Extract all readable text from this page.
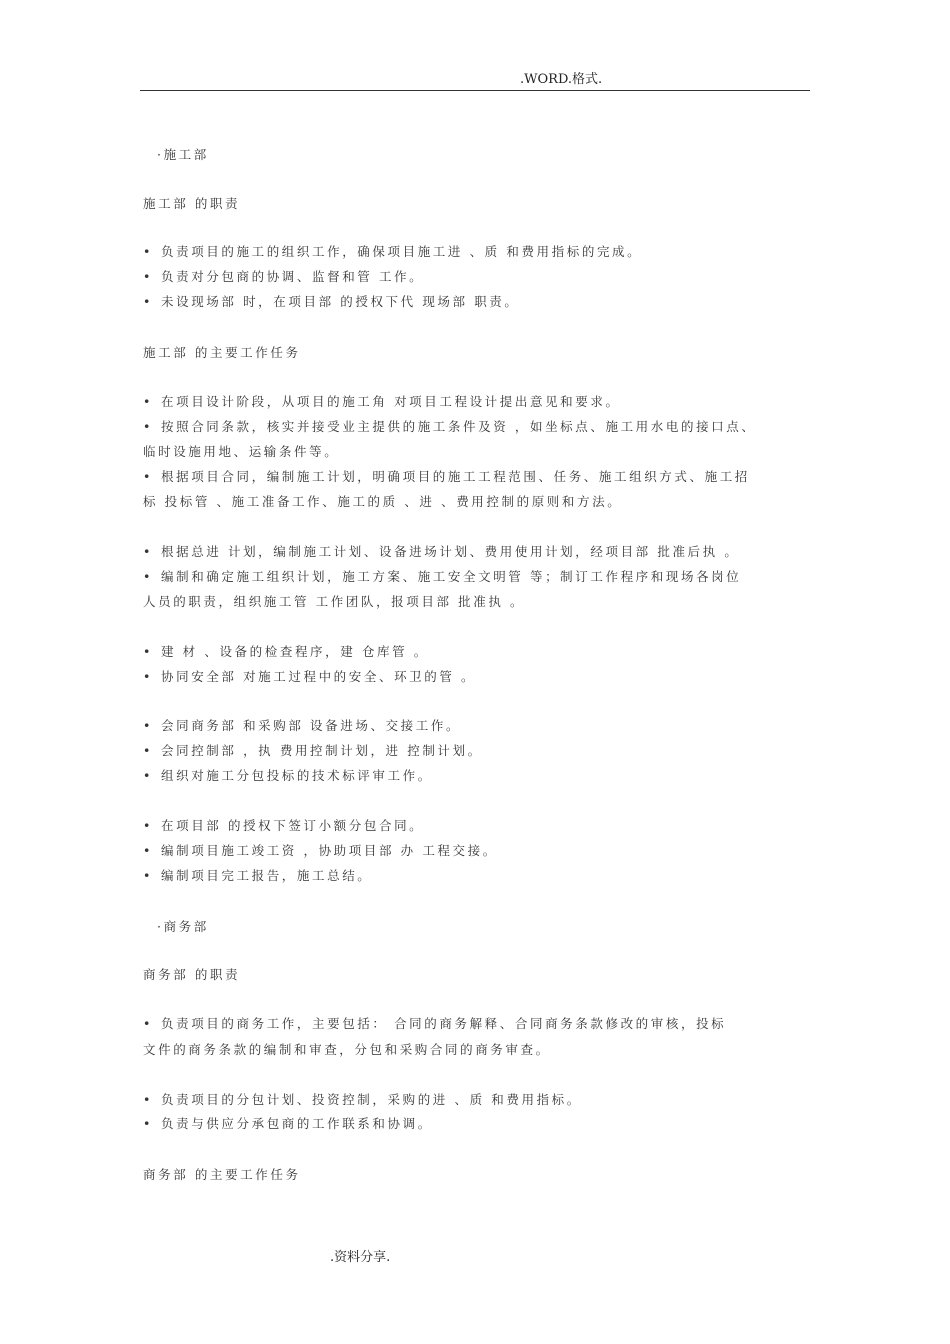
.WORD.格式.
·施工部
施工部 的职责
• 负责项目的施工的组织工作，确保项目施工进 、质 和费用指标的完成。
• 负责对分包商的协调、监督和管 工作。
• 未设现场部 时，在项目部 的授权下代 现场部 职责。
施工部 的主要工作任务
• 在项目设计阶段，从项目的施工角 对项目工程设计提出意见和要求。
• 按照合同条款，核实并接受业主提供的施工条件及资 ，如坐标点、施工用水电的接口点、
临时设施用地、运输条件等。
• 根据项目合同，编制施工计划，明确项目的施工工程范围、任务、施工组织方式、施工招
标 投标管 、施工准备工作、施工的质 、进 、费用控制的原则和方法。
• 根据总进 计划，编制施工计划、设备进场计划、费用使用计划，经项目部 批准后执 。
• 编制和确定施工组织计划，施工方案、施工安全文明管 等；制订工作程序和现场各岗位
人员的职责，组织施工管 工作团队，报项目部 批准执 。
• 建 材 、设备的检查程序，建 仓库管 。
• 协同安全部 对施工过程中的安全、环卫的管 。
• 会同商务部 和采购部 设备进场、交接工作。
• 会同控制部 ，执 费用控制计划，进 控制计划。
• 组织对施工分包投标的技术标评审工作。
• 在项目部 的授权下签订小额分包合同。
• 编制项目施工竣工资 ，协助项目部 办 工程交接。
• 编制项目完工报告，施工总结。
·商务部
商务部 的职责
• 负责项目的商务工作，主要包括： 合同的商务解释、合同商务条款修改的审核，投标
文件的商务条款的编制和审查，分包和采购合同的商务审查。
• 负责项目的分包计划、投资控制，采购的进 、质 和费用指标。
• 负责与供应分承包商的工作联系和协调。
商务部 的主要工作任务
.资料分享.
